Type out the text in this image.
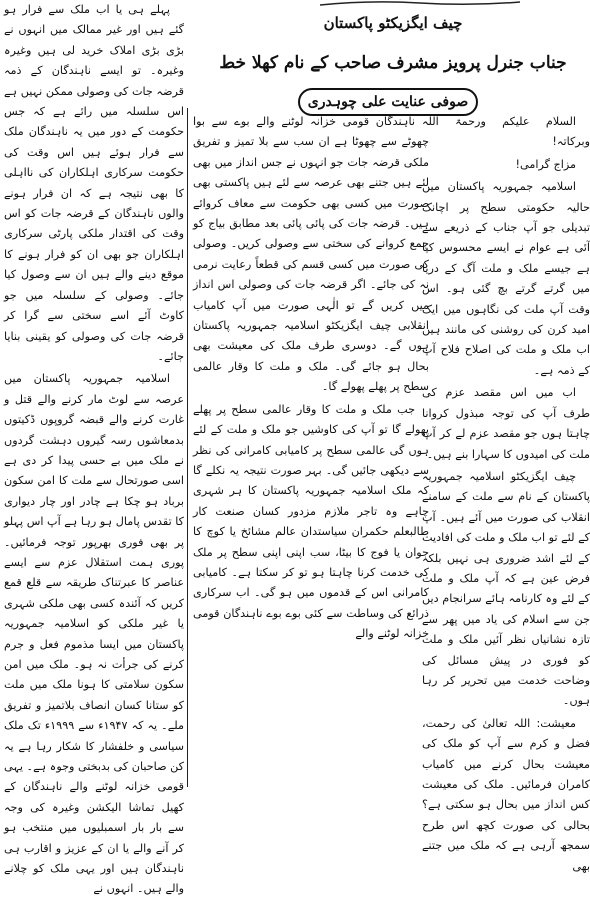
چیف ایگزیکٹو پاکستان
جناب جنرل پرویز مشرف صاحب کے نام کھلا خط
صوفی عنایت علی چوہدری

السلام علیکم ورحمۃ اللہ وبرکاتہ!

مزاج گرامی!

اسلامیہ جمہوریہ پاکستان میں حالیہ حکومتی سطح پر اچانک تبدیلی جو آپ جناب کے ذریعے سے آئی ہے عوام نے ایسے محسوس کیا ہے جیسے ملک و ملت آگ کے دریا میں گرتے گرتے بچ گئی ہو۔ اس وقت آپ ملت کی نگاہوں میں ایک امید کرن کی روشنی کی مانند ہیں اب ملک و ملت کی اصلاح فلاح آپ کے ذمہ ہے۔

اب میں اس مقصد عزم کی طرف آپ کی توجہ مبذول کروانا چاہتا ہوں جو مقصد عزم لے کر آپ ملت کی امیدوں کا سہارا بنے ہیں۔

چیف ایگزیکٹو اسلامیہ جمہوریہ پاکستان کے نام سے ملت کے سامنے انقلاب کی صورت میں آئے ہیں۔ آپ کے لئے تو اب ملک و ملت کی افادیت کے لئے اشد ضروری ہی نہیں بلکہ فرض عین ہے کہ آپ ملک و ملت کے لئے وہ کارنامہ ہائے سرانجام دیں جن سے اسلام کی یاد میں پھر سے تازہ نشانیاں نظر آئیں ملک و ملت کو فوری در پیش مسائل کی وضاحت خدمت میں تحریر کر رہا ہوں۔

معیشت: اللہ تعالیٰ کی رحمت، فضل و کرم سے آپ کو ملک کی معیشت بحال کرنے میں کامیاب کامران فرمائیں۔ ملک کی معیشت کس انداز میں بحال ہو سکتی ہے؟ بحالی کی صورت کچھ اس طرح سمجھ آرہی ہے کہ ملک میں جتنے بھی

ناہندگان قومی خزانہ لوٹنے والے بوے سے بوا چھوٹے سے چھوٹا ہے ان سب سے بلا تمیز و تفریق ملکی قرضہ جات جو انہوں نے جس انداز میں بھی لئے ہیں جتنے بھی عرصہ سے لئے ہیں پاکستی بھی صورت میں کسی بھی حکومت سے معاف کروائے ہیں۔ قرضہ جات کی پائی پائی بعد مطابق بیاج کو جمع کروانے کی سختی سے وصولی کریں۔ وصولی کی صورت میں کسی قسم کی قطعاً رعایت نرمی نہ کی جائے۔ اگر قرضہ جات کی وصولی اس انداز میں کریں گے تو الٰہی صورت میں آپ کامیاب انقلابی چیف ایگزیکٹو اسلامیہ جمہوریہ پاکستان ہوں گے۔ دوسری طرف ملک کی معیشت بھی بحال ہو جائے گی۔ ملک و ملت کا وقار عالمی سطح پر پھلے پھولے گا۔

جب ملک و ملت کا وقار عالمی سطح پر پھلے پھولے گا تو آپ کی کاوشیں جو ملک و ملت کے لئے ہوں گی عالمی سطح پر کامیابی کامرانی کی نظر سے دیکھی جائیں گی۔ بہر صورت نتیجہ یہ نکلے گا کہ ملک اسلامیہ جمہوریہ پاکستان کا ہر شہری چاہے وہ تاجر ملازم مزدور کسان صنعت کار طالبعلم حکمران سیاستدان عالم مشائخ یا کوچ کا جوان یا فوج کا بیٹا، سب اپنی اپنی سطح پر ملک کی خدمت کرنا چاہتا ہو تو کر سکتا ہے۔ کامیابی کامرانی اس کے قدموں میں ہو گی۔ اب سرکاری ذرائع کی وساطت سے کئی بوے بوے ناہندگان قومی خزانہ لوٹنے والے

پہلے ہی یا اب ملک سے فرار ہو گئے ہیں اور غیر ممالک میں انہوں نے بڑی بڑی املاک خرید لی ہیں وغیرہ وغیرہ۔ تو ایسے ناہندگان کے ذمہ قرضہ جات کی وصولی ممکن نہیں ہے اس سلسلہ میں رائے ہے کہ جس حکومت کے دور میں یہ ناہندگان ملک سے فرار ہوئے ہیں اس وقت کی حکومت سرکاری اہلکاران کی نااہلی کا بھی نتیجہ ہے کہ ان فرار ہونے والوں ناہندگان کے قرضہ جات کو اس وقت کی اقتدار ملکی پارٹی سرکاری اہلکاران جو بھی ان کو فرار ہونے کا موقع دینے والے ہیں ان سے وصول کیا جائے۔ وصولی کے سلسلہ میں جو کاوٹ آئے اسے سختی سے گرا کر قرضہ جات کی وصولی کو یقینی بنایا جائے۔

اسلامیہ جمہوریہ پاکستان میں عرصہ سے لوٹ مار کرنے والے قتل و غارت کرنے والے قبضہ گروپوں ڈکیتوں بدمعاشوں رسہ گیروں دہشت گردوں نے ملک میں بے حسی پیدا کر دی ہے اسی صورتحال سے ملت کا امن سکون برباد ہو چکا ہے چادر اور چار دیواری کا تقدس پامال ہو رہا ہے آپ اس پہلو پر بھی فوری بھرپور توجہ فرمائیں۔ پوری ہمت استقلال عزم سے ایسے عناصر کا عبرتناک طریقہ سے قلع قمع کریں کہ آئندہ کسی بھی ملکی شہری یا غیر ملکی کو اسلامیہ جمہوریہ پاکستان میں ایسا مذموم فعل و جرم کرنے کی جرأت نہ ہو۔ ملک میں امن سکون سلامتی کا ہونا ملک میں ملت کو ستانا کسان انصاف بلاتمیز و تفریق ملے۔ یہ کہ ۱۹۴۷ء سے ۱۹۹۹ء تک ملک سیاسی و خلفشار کا شکار رہا ہے یہ کن صاحبان کی بدبختی وجوہ ہے۔ یہی قومی خزانہ لوٹنے والے ناہندگان کے کھیل تماشا الیکشن وغیرہ کی وجہ سے بار بار اسمبلیوں میں منتخب ہو کر آنے والے یا ان کے عزیز و اقارب ہی ناہندگان ہیں اور یہی ملک کو چلانے والے ہیں۔ انہوں نے
